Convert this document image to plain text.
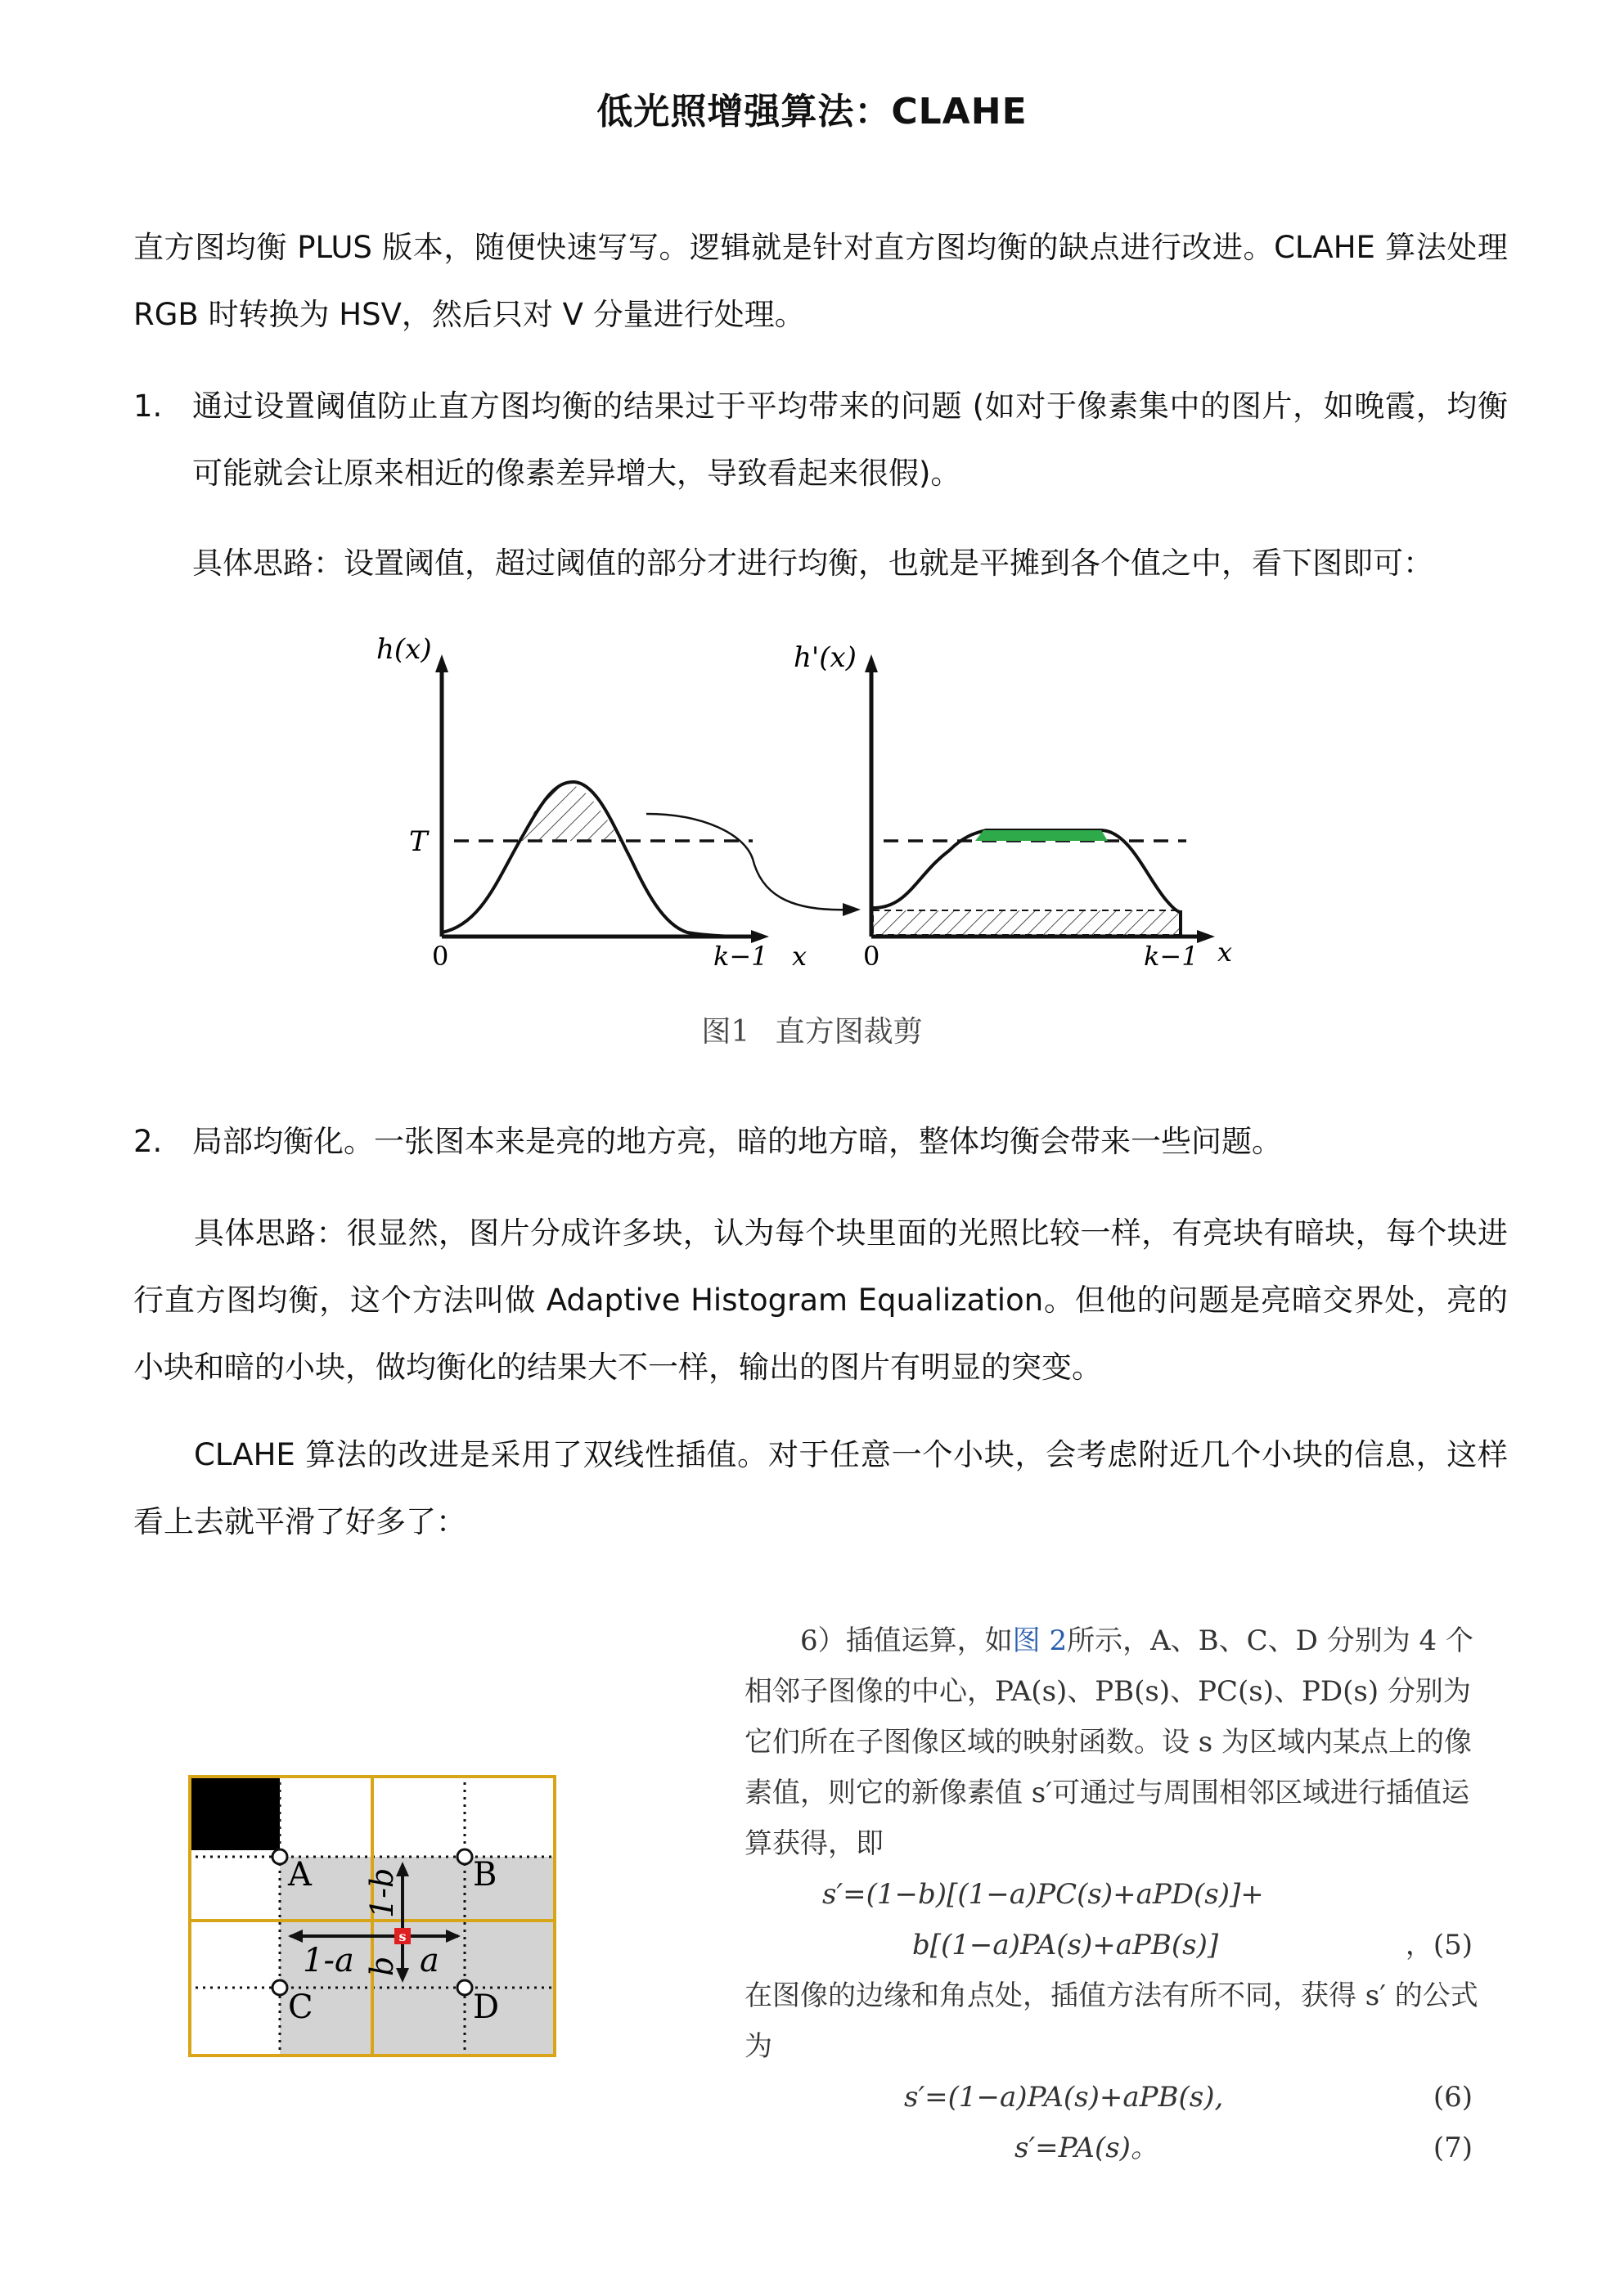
低光照增强算法：CLAHE

直方图均衡 PLUS 版本，随便快速写写。逻辑就是针对直方图均衡的缺点进行改进。CLAHE 算法处理 RGB 时转换为 HSV，然后只对 V 分量进行处理。

1. 通过设置阈值防止直方图均衡的结果过于平均带来的问题 (如对于像素集中的图片，如晚霞，均衡可能就会让原来相近的像素差异增大，导致看起来很假)。

具体思路：设置阈值，超过阈值的部分才进行均衡，也就是平摊到各个值之中，看下图即可：

h(x)
T
0	k−1 x
h'(x)
0	k−1 x
图1 直方图裁剪
2. 局部均衡化。一张图本来是亮的地方亮，暗的地方暗，整体均衡会带来一些问题。

具体思路：很显然，图片分成许多块，认为每个块里面的光照比较一样，有亮块有暗块，每个块进行直方图均衡，这个方法叫做 Adaptive Histogram Equalization。但他的问题是亮暗交界处，亮的小块和暗的小块，做均衡化的结果大不一样，输出的图片有明显的突变。

CLAHE 算法的改进是采用了双线性插值。对于任意一个小块，会考虑附近几个小块的信息，这样看上去就平滑了好多了：

s
A	B
C	D
1-a a
1-b
b

6）插值运算，如图 2所示，A、B、C、D 分别为 4 个相邻子图像的中心，PA(s)、PB(s)、PC(s)、PD(s) 分别为它们所在子图像区域的映射函数。设 s 为区域内某点上的像素值，则它的新像素值 s′可通过与周围相邻区域进行插值运算获得，即

s′=(1−b)[(1−a)PC(s)+aPD(s)]+
b[(1−a)PA(s)+aPB(s)]	，(5)

在图像的边缘和角点处，插值方法有所不同，获得 s′ 的公式为

s′=(1−a)PA(s)+aPB(s),	(6)
s′=PA(s)。	(7)
